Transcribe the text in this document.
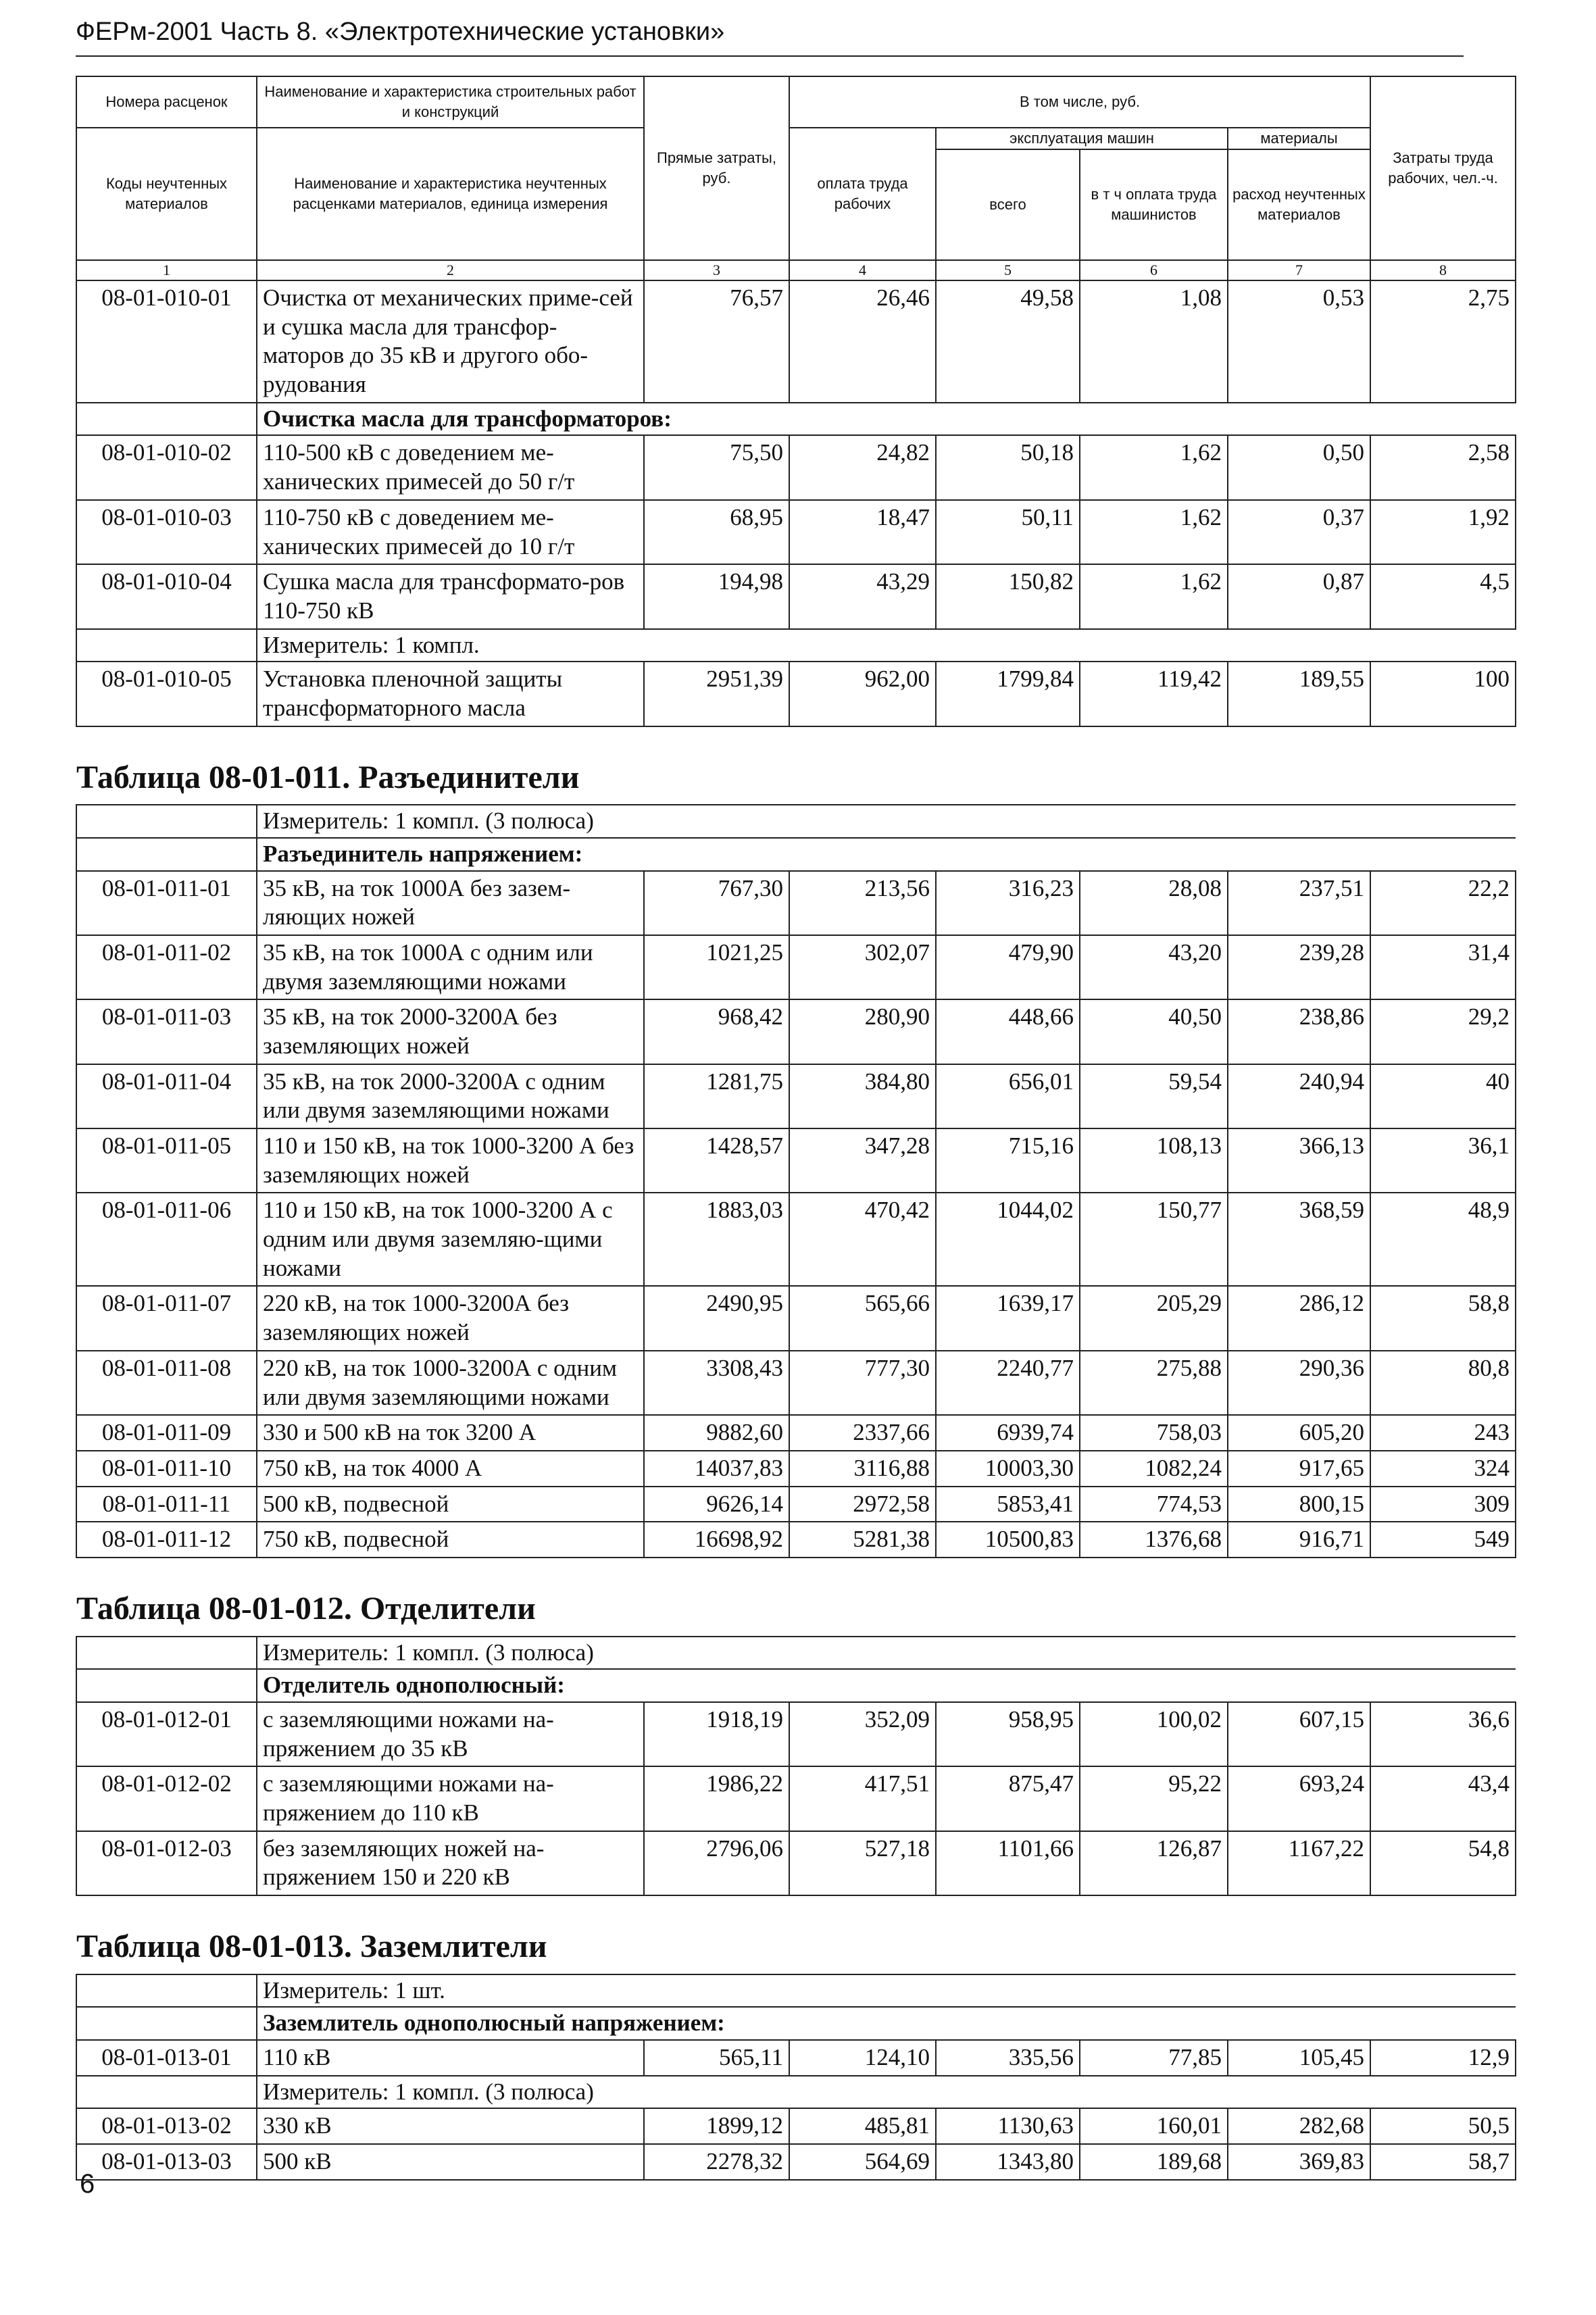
ФЕРм-2001 Часть 8. «Электротехнические установки»
Номера расценок	Наименование и характеристика строительных работ и конструкций	Прямые затраты, руб.	В том числе, руб.				Затраты труда рабочих, чел.-ч.
Коды неучтенных материалов	Наименование и характеристика неучтенных расценками материалов, единица измерения		оплата труда рабочих	эксплуатация машин		материалы	
				всего	в т ч оплата труда машинистов	расход неучтенных материалов	
1	2	3	4	5	6	7	8
08-01-010-01	Очистка от механических приме-сей и сушка масла для трансфор-маторов до 35 кВ и другого обо-рудования	76,57	26,46	49,58	1,08	0,53	2,75
	Очистка масла для трансформаторов:						
08-01-010-02	110-500 кВ с доведением ме-ханических примесей до 50 г/т	75,50	24,82	50,18	1,62	0,50	2,58
08-01-010-03	110-750 кВ с доведением ме-ханических примесей до 10 г/т	68,95	18,47	50,11	1,62	0,37	1,92
08-01-010-04	Сушка масла для трансформато-ров 110-750 кВ	194,98	43,29	150,82	1,62	0,87	4,5
	Измеритель: 1 компл.						
08-01-010-05	Установка пленочной защиты трансформаторного масла	2951,39	962,00	1799,84	119,42	189,55	100
Таблица 08-01-011. Разъединители							
	Измеритель: 1 компл. (3 полюса)						
	Разъединитель напряжением:						
08-01-011-01	35 кВ, на ток 1000А без зазем-ляющих ножей	767,30	213,56	316,23	28,08	237,51	22,2
08-01-011-02	35 кВ, на ток 1000А с одним или двумя заземляющими ножами	1021,25	302,07	479,90	43,20	239,28	31,4
08-01-011-03	35 кВ, на ток 2000-3200А без заземляющих ножей	968,42	280,90	448,66	40,50	238,86	29,2
08-01-011-04	35 кВ, на ток 2000-3200А с одним или двумя заземляющими ножами	1281,75	384,80	656,01	59,54	240,94	40
08-01-011-05	110 и 150 кВ, на ток 1000-3200 А без заземляющих ножей	1428,57	347,28	715,16	108,13	366,13	36,1
08-01-011-06	110 и 150 кВ, на ток 1000-3200 А с одним или двумя заземляю-щими ножами	1883,03	470,42	1044,02	150,77	368,59	48,9
08-01-011-07	220 кВ, на ток 1000-3200А без заземляющих ножей	2490,95	565,66	1639,17	205,29	286,12	58,8
08-01-011-08	220 кВ, на ток 1000-3200А с одним или двумя заземляющими ножами	3308,43	777,30	2240,77	275,88	290,36	80,8
08-01-011-09	330 и 500 кВ на ток 3200 А	9882,60	2337,66	6939,74	758,03	605,20	243
08-01-011-10	750 кВ, на ток 4000 А	14037,83	3116,88	10003,30	1082,24	917,65	324
08-01-011-11	500 кВ, подвесной	9626,14	2972,58	5853,41	774,53	800,15	309
08-01-011-12	750 кВ, подвесной	16698,92	5281,38	10500,83	1376,68	916,71	549
Таблица 08-01-012. Отделители							
	Измеритель: 1 компл. (3 полюса)						
	Отделитель однополюсный:						
08-01-012-01	с заземляющими ножами на-пряжением до 35 кВ	1918,19	352,09	958,95	100,02	607,15	36,6
08-01-012-02	с заземляющими ножами на-пряжением до 110 кВ	1986,22	417,51	875,47	95,22	693,24	43,4
08-01-012-03	без заземляющих ножей на-пряжением 150 и 220 кВ	2796,06	527,18	1101,66	126,87	1167,22	54,8
Таблица 08-01-013. Заземлители							
	Измеритель: 1 шт.						
	Заземлитель однополюсный напряжением:						
08-01-013-01	110 кВ	565,11	124,10	335,56	77,85	105,45	12,9
	Измеритель: 1 компл. (3 полюса)						
08-01-013-02	330 кВ	1899,12	485,81	1130,63	160,01	282,68	50,5
08-01-013-03	500 кВ	2278,32	564,69	1343,80	189,68	369,83	58,7
6
